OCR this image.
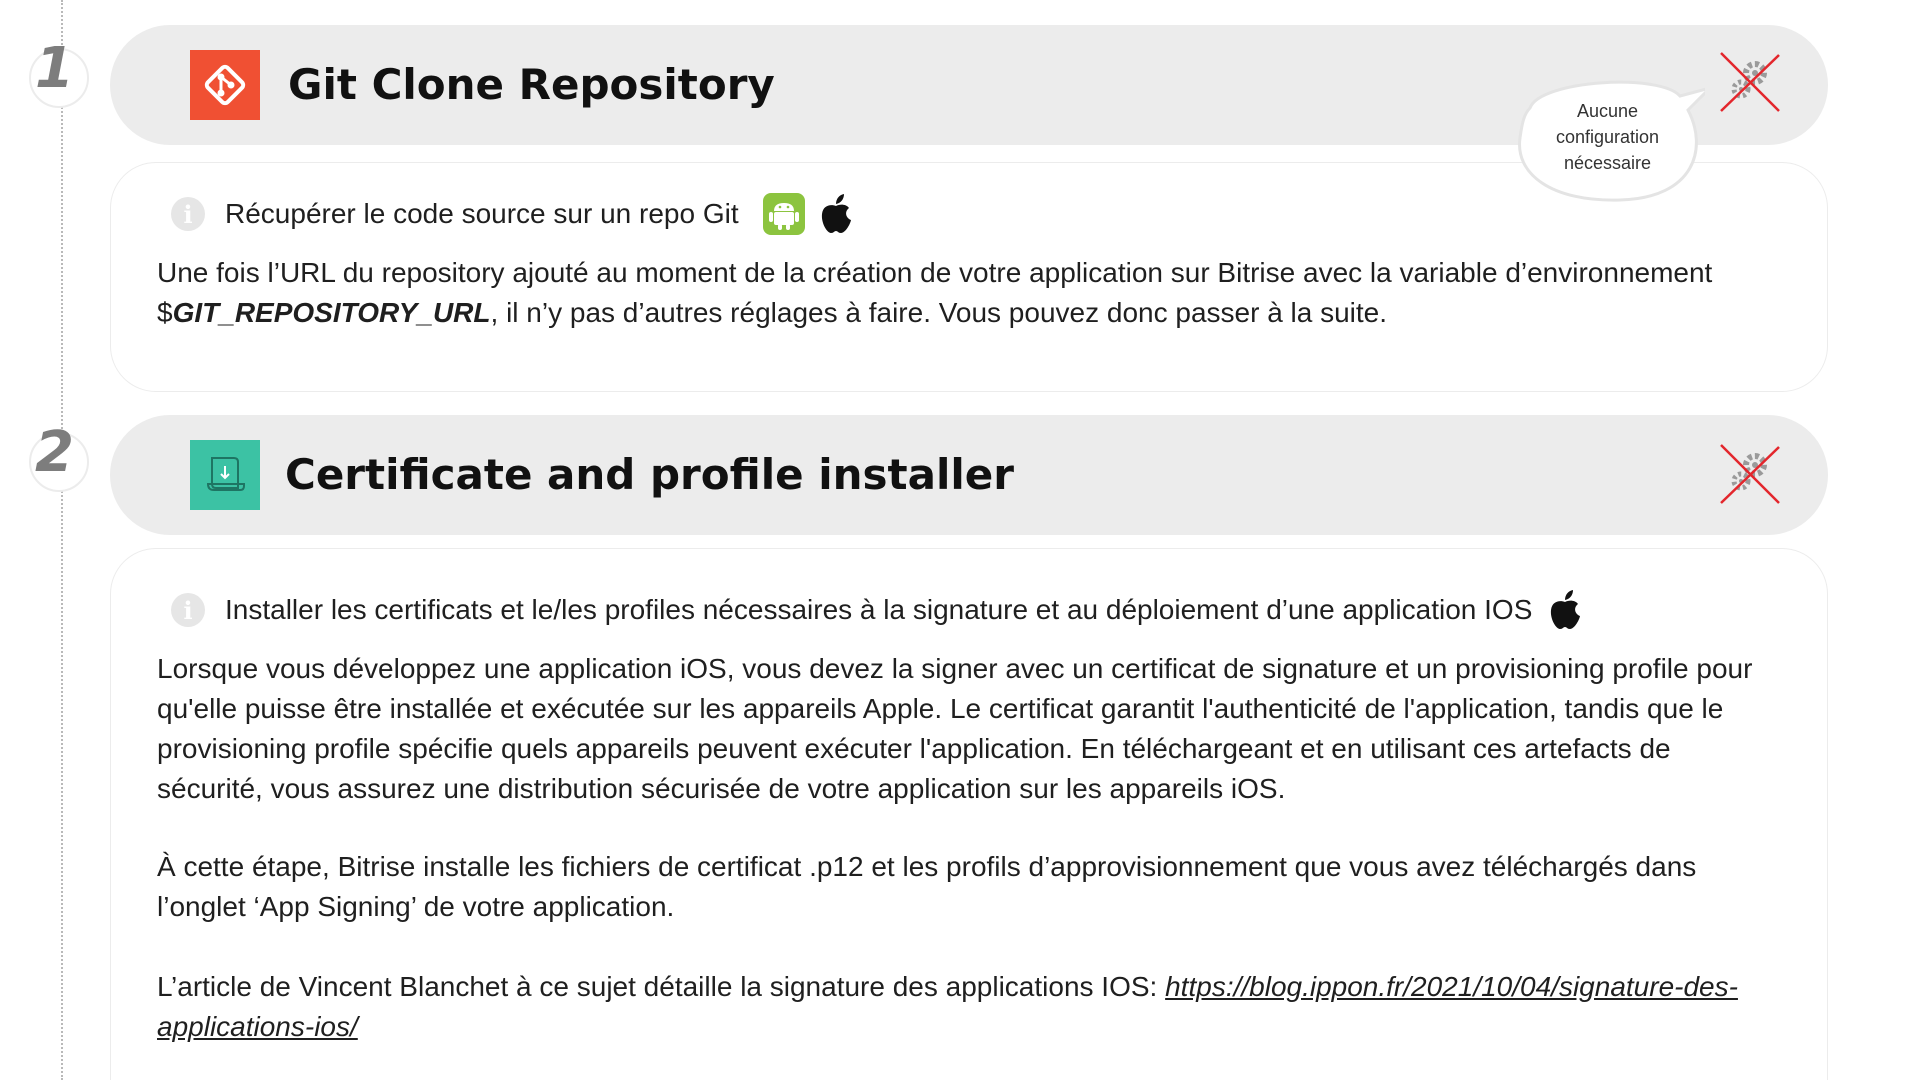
1	Git Clone Repository
i	Récupérer le code source sur un repo Git

Une fois l’URL du repository ajouté au moment de la création de votre application sur Bitrise avec la variable d’environnement $GIT_REPOSITORY_URL, il n’y pas d’autres réglages à faire. Vous pouvez donc passer à la suite.

Aucune
configuration
nécessaire
2	Certificate and profile installer
i	Installer les certificats et le/les profiles nécessaires à la signature et au déploiement d’une application IOS

Lorsque vous développez une application iOS, vous devez la signer avec un certificat de signature et un provisioning profile pour qu'elle puisse être installée et exécutée sur les appareils Apple. Le certificat garantit l'authenticité de l'application, tandis que le provisioning profile spécifie quels appareils peuvent exécuter l'application. En téléchargeant et en utilisant ces artefacts de sécurité, vous assurez une distribution sécurisée de votre application sur les appareils iOS.

À cette étape, Bitrise installe les fichiers de certificat .p12 et les profils d’approvisionnement que vous avez téléchargés dans l’onglet ‘App Signing’ de votre application.

L’article de Vincent Blanchet à ce sujet détaille la signature des applications IOS: https://blog.ippon.fr/2021/10/04/signature-des-applications-ios/
